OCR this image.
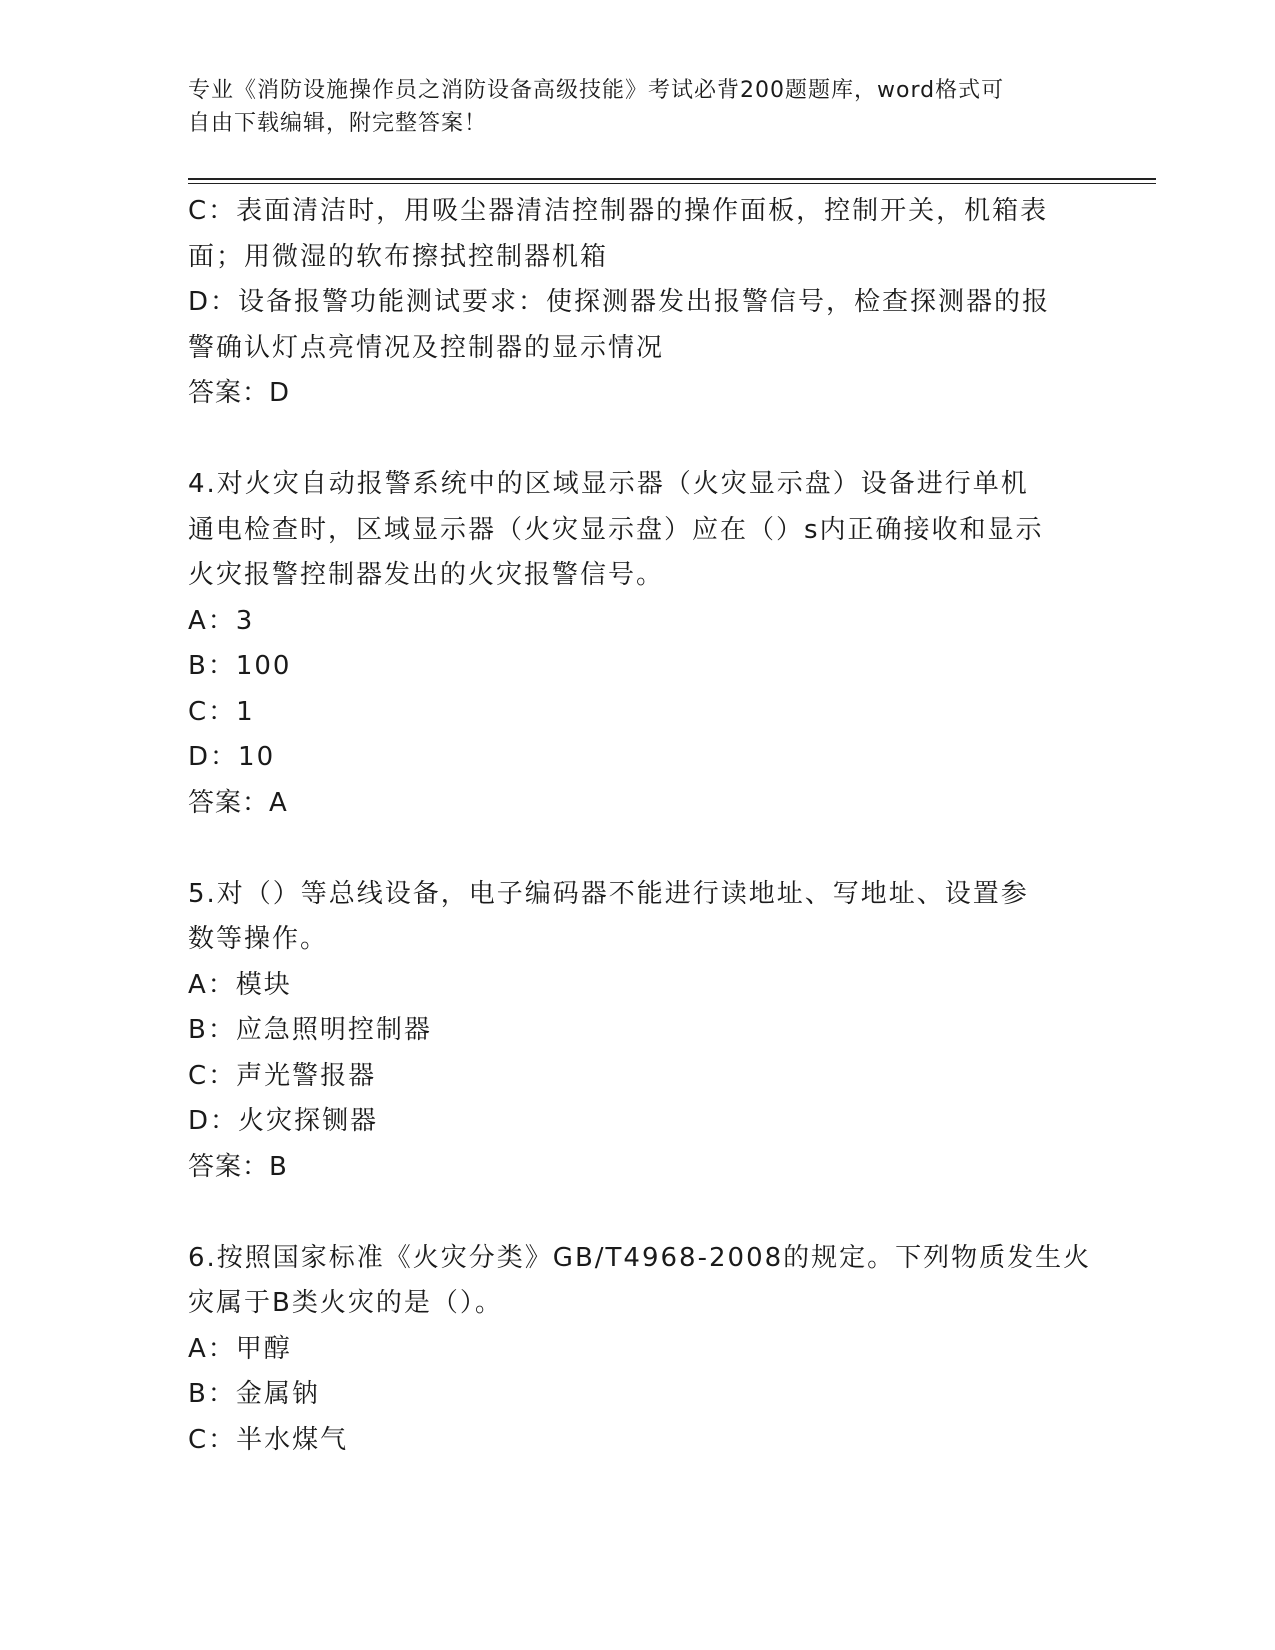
专业《消防设施操作员之消防设备高级技能》考试必背200题题库，word格式可
自由下载编辑，附完整答案！
C：表面清洁时，用吸尘器清洁控制器的操作面板，控制开关，机箱表
面；用微湿的软布擦拭控制器机箱
D：设备报警功能测试要求：使探测器发出报警信号，检查探测器的报
警确认灯点亮情况及控制器的显示情况
答案：D
4.对火灾自动报警系统中的区域显示器（火灾显示盘）设备进行单机
通电检查时，区域显示器（火灾显示盘）应在（）s内正确接收和显示
火灾报警控制器发出的火灾报警信号。
A：3
B：100
C：1
D：10
答案：A
5.对（）等总线设备，电子编码器不能进行读地址、写地址、设置参
数等操作。
A：模块
B：应急照明控制器
C：声光警报器
D：火灾探铡器
答案：B
6.按照国家标准《火灾分类》GB/T4968-2008的规定。下列物质发生火
灾属于B类火灾的是（）。
A：甲醇
B：金属钠
C：半水煤气
